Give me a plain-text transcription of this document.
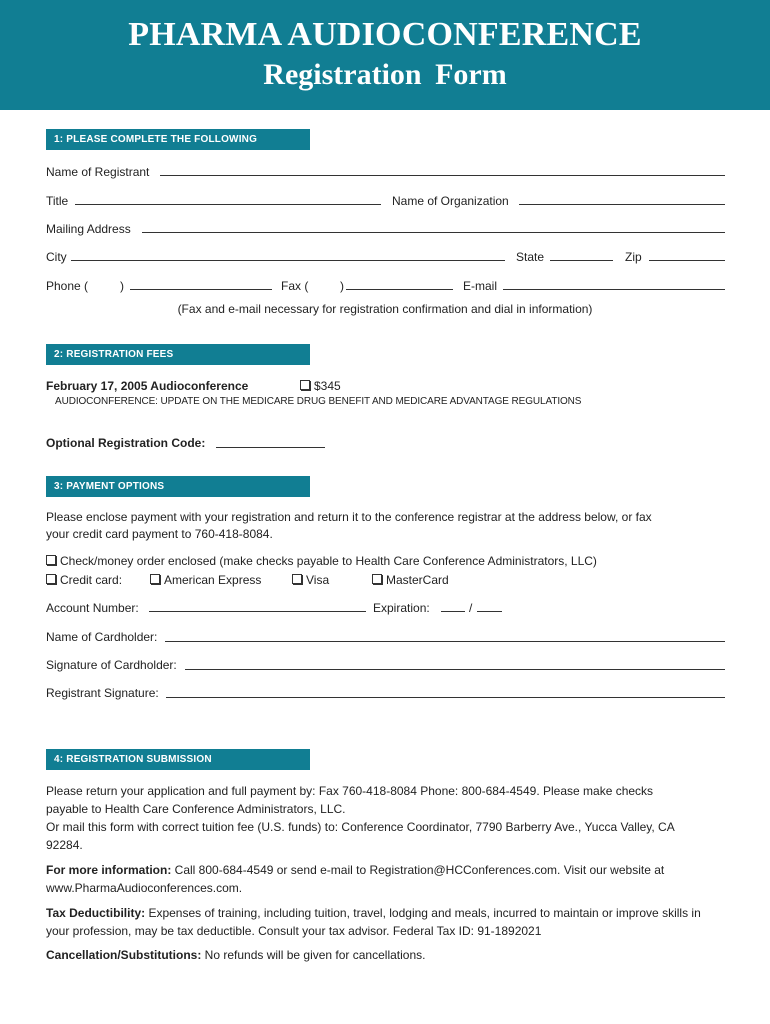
PHARMA AUDIOCONFERENCE
Registration Form
1: PLEASE COMPLETE THE FOLLOWING
Name of Registrant
Title	Name of Organization
Mailing Address
City	State	Zip
Phone (	)	Fax (	)	E-mail
(Fax and e-mail necessary for registration confirmation and dial in information)
2: REGISTRATION FEES
February 17, 2005 Audioconference	$345
AUDIOCONFERENCE: UPDATE ON THE MEDICARE DRUG BENEFIT AND MEDICARE ADVANTAGE REGULATIONS
Optional Registration Code:
3: PAYMENT OPTIONS
Please enclose payment with your registration and return it to the conference registrar at the address below, or fax
your credit card payment to 760-418-8084.
Check/money order enclosed (make checks payable to Health Care Conference Administrators, LLC)
Credit card:	American Express	Visa	MasterCard
Account Number:	Expiration:	/
Name of Cardholder:
Signature of Cardholder:
Registrant Signature:
4: REGISTRATION SUBMISSION
Please return your application and full payment by: Fax 760-418-8084 Phone: 800-684-4549. Please make checks
payable to Health Care Conference Administrators, LLC.
Or mail this form with correct tuition fee (U.S. funds) to: Conference Coordinator, 7790 Barberry Ave., Yucca Valley, CA
92284.
For more information: Call 800-684-4549 or send e-mail to Registration@HCConferences.com. Visit our website at
www.PharmaAudioconferences.com.
Tax Deductibility: Expenses of training, including tuition, travel, lodging and meals, incurred to maintain or improve skills in
your profession, may be tax deductible. Consult your tax advisor. Federal Tax ID: 91-1892021
Cancellation/Substitutions: No refunds will be given for cancellations.
